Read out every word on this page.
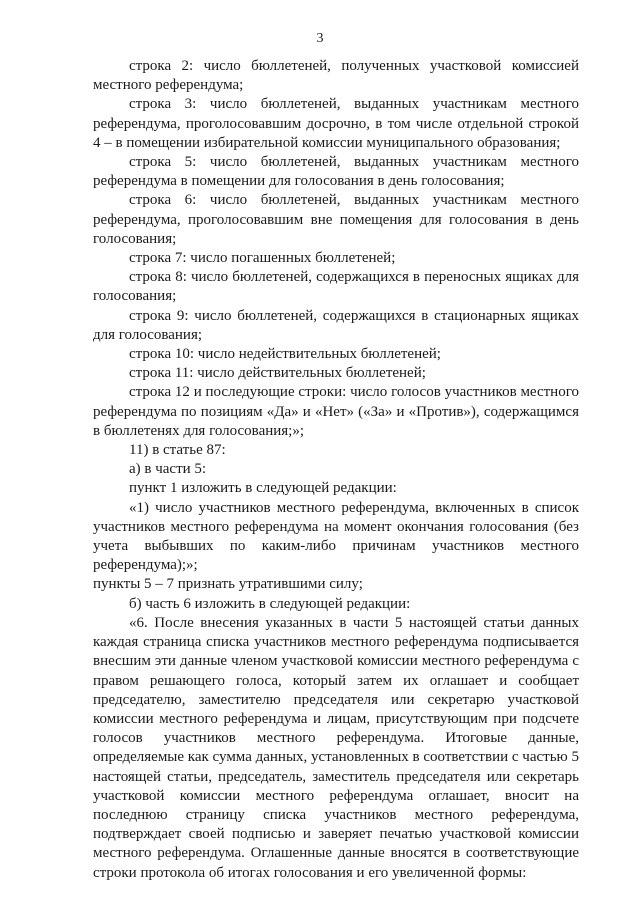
3

строка 2: число бюллетеней, полученных участковой комиссией местного референдума;

строка 3: число бюллетеней, выданных участникам местного референдума, проголосовавшим досрочно, в том числе отдельной строкой 4 – в помещении избирательной комиссии муниципального образования;

строка 5: число бюллетеней, выданных участникам местного референдума в помещении для голосования в день голосования;

строка 6: число бюллетеней, выданных участникам местного референдума, проголосовавшим вне помещения для голосования в день голосования;

строка 7: число погашенных бюллетеней;

строка 8: число бюллетеней, содержащихся в переносных ящиках для голосования;

строка 9: число бюллетеней, содержащихся в стационарных ящиках для голосования;

строка 10: число недействительных бюллетеней;

строка 11: число действительных бюллетеней;

строка 12 и последующие строки: число голосов участников местного референдума по позициям «Да» и «Нет» («За» и «Против»), содержащимся в бюллетенях для голосования;»;

11) в статье 87:

а) в части 5:

пункт 1 изложить в следующей редакции:

«1) число участников местного референдума, включенных в список участников местного референдума на момент окончания голосования (без учета выбывших по каким-либо причинам участников местного референдума);»;

пункты 5 – 7 признать утратившими силу;

б) часть 6 изложить в следующей редакции:

«6. После внесения указанных в части 5 настоящей статьи данных каждая страница списка участников местного референдума подписывается внесшим эти данные членом участковой комиссии местного референдума с правом решающего голоса, который затем их оглашает и сообщает председателю, заместителю председателя или секретарю участковой комиссии местного референдума и лицам, присутствующим при подсчете голосов участников местного референдума. Итоговые данные, определяемые как сумма данных, установленных в соответствии с частью 5 настоящей статьи, председатель, заместитель председателя или секретарь участковой комиссии местного референдума оглашает, вносит на последнюю страницу списка участников местного референдума, подтверждает своей подписью и заверяет печатью участковой комиссии местного референдума. Оглашенные данные вносятся в соответствующие строки протокола об итогах голосования и его увеличенной формы:
